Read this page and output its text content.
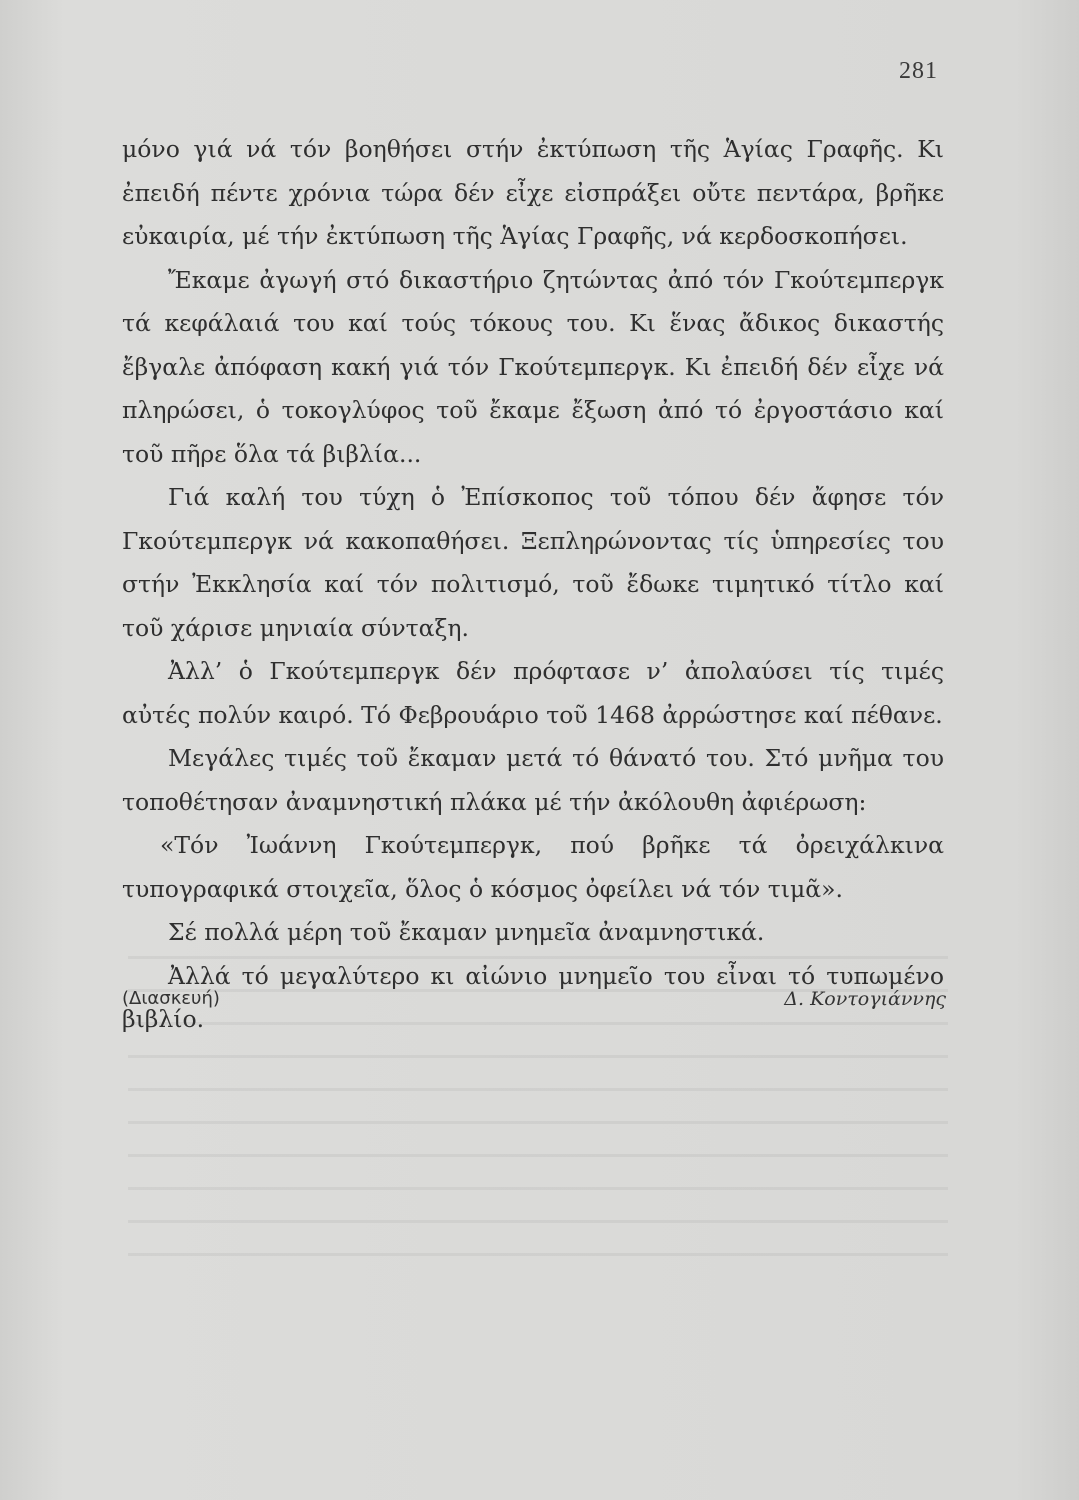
281

μόνο γιά νά τόν βοηθήσει στήν ἐκτύπωση τῆς Ἁγίας Γραφῆς. Κι ἐπειδή πέντε χρόνια τώρα δέν εἶχε εἰσπράξει οὔτε πεντάρα, βρῆκε εὐκαιρία, μέ τήν ἐκτύπωση τῆς Ἁγίας Γραφῆς, νά κερδοσκοπήσει.

Ἔκαμε ἀγωγή στό δικαστήριο ζητώντας ἀπό τόν Γκούτεμπεργκ τά κεφάλαιά του καί τούς τόκους του. Κι ἕνας ἄδικος δικαστής ἔβγαλε ἀπόφαση κακή γιά τόν Γκούτεμπεργκ. Κι ἐπειδή δέν εἶχε νά πληρώσει, ὁ τοκογλύφος τοῦ ἔκαμε ἔξωση ἀπό τό ἐργοστάσιο καί τοῦ πῆρε ὅλα τά βιβλία...

Γιά καλή του τύχη ὁ Ἐπίσκοπος τοῦ τόπου δέν ἄφησε τόν Γκούτεμπεργκ νά κακοπαθήσει. Ξεπληρώνοντας τίς ὑπηρεσίες του στήν Ἐκκλησία καί τόν πολιτισμό, τοῦ ἔδωκε τιμητικό τίτλο καί τοῦ χάρισε μηνιαία σύνταξη.

Ἀλλ’ ὁ Γκούτεμπεργκ δέν πρόφτασε ν’ ἀπολαύσει τίς τιμές αὐτές πολύν καιρό. Τό Φεβρουάριο τοῦ 1468 ἀρρώστησε καί πέθανε.

Μεγάλες τιμές τοῦ ἔκαμαν μετά τό θάνατό του. Στό μνῆμα του τοποθέτησαν ἀναμνηστική πλάκα μέ τήν ἀκόλουθη ἀφιέρωση:

«Τόν Ἰωάννη Γκούτεμπεργκ, πού βρῆκε τά ὀρειχάλκινα τυπογραφικά στοιχεῖα, ὅλος ὁ κόσμος ὀφείλει νά τόν τιμᾶ».

Σέ πολλά μέρη τοῦ ἔκαμαν μνημεῖα ἀναμνηστικά.

Ἀλλά τό μεγαλύτερο κι αἰώνιο μνημεῖο του εἶναι τό τυπωμένο βιβλίο.

(Διασκευή)	Δ. Κοντογιάννης
